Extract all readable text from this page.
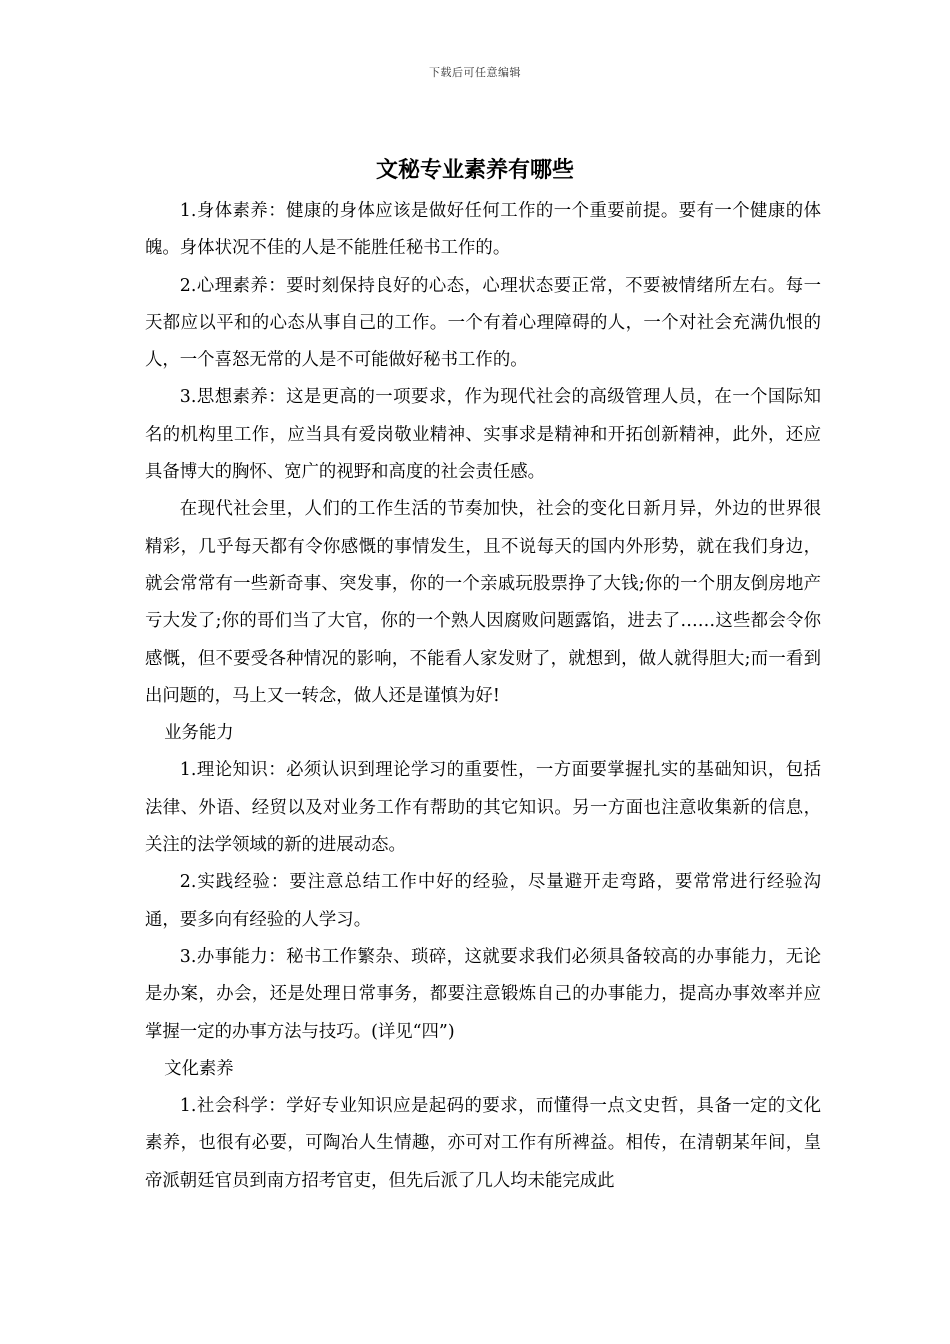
下载后可任意编辑
文秘专业素养有哪些

1.身体素养：健康的身体应该是做好任何工作的一个重要前提。要有一个健康的体魄。身体状况不佳的人是不能胜任秘书工作的。

2.心理素养：要时刻保持良好的心态，心理状态要正常，不要被情绪所左右。每一天都应以平和的心态从事自己的工作。一个有着心理障碍的人，一个对社会充满仇恨的人，一个喜怒无常的人是不可能做好秘书工作的。

3.思想素养：这是更高的一项要求，作为现代社会的高级管理人员，在一个国际知名的机构里工作，应当具有爱岗敬业精神、实事求是精神和开拓创新精神，此外，还应具备博大的胸怀、宽广的视野和高度的社会责任感。

在现代社会里，人们的工作生活的节奏加快，社会的变化日新月异，外边的世界很精彩，几乎每天都有令你感慨的事情发生，且不说每天的国内外形势，就在我们身边，就会常常有一些新奇事、突发事，你的一个亲戚玩股票挣了大钱;你的一个朋友倒房地产亏大发了;你的哥们当了大官，你的一个熟人因腐败问题露馅，进去了……这些都会令你感慨，但不要受各种情况的影响，不能看人家发财了，就想到，做人就得胆大;而一看到出问题的，马上又一转念，做人还是谨慎为好!

业务能力

1.理论知识：必须认识到理论学习的重要性，一方面要掌握扎实的基础知识，包括法律、外语、经贸以及对业务工作有帮助的其它知识。另一方面也注意收集新的信息，关注的法学领域的新的进展动态。

2.实践经验：要注意总结工作中好的经验，尽量避开走弯路，要常常进行经验沟通，要多向有经验的人学习。

3.办事能力：秘书工作繁杂、琐碎，这就要求我们必须具备较高的办事能力，无论是办案，办会，还是处理日常事务，都要注意锻炼自己的办事能力，提高办事效率并应掌握一定的办事方法与技巧。(详见“四”)

文化素养

1.社会科学：学好专业知识应是起码的要求，而懂得一点文史哲，具备一定的文化素养，也很有必要，可陶冶人生情趣，亦可对工作有所裨益。相传，在清朝某年间，皇帝派朝廷官员到南方招考官吏，但先后派了几人均未能完成此
